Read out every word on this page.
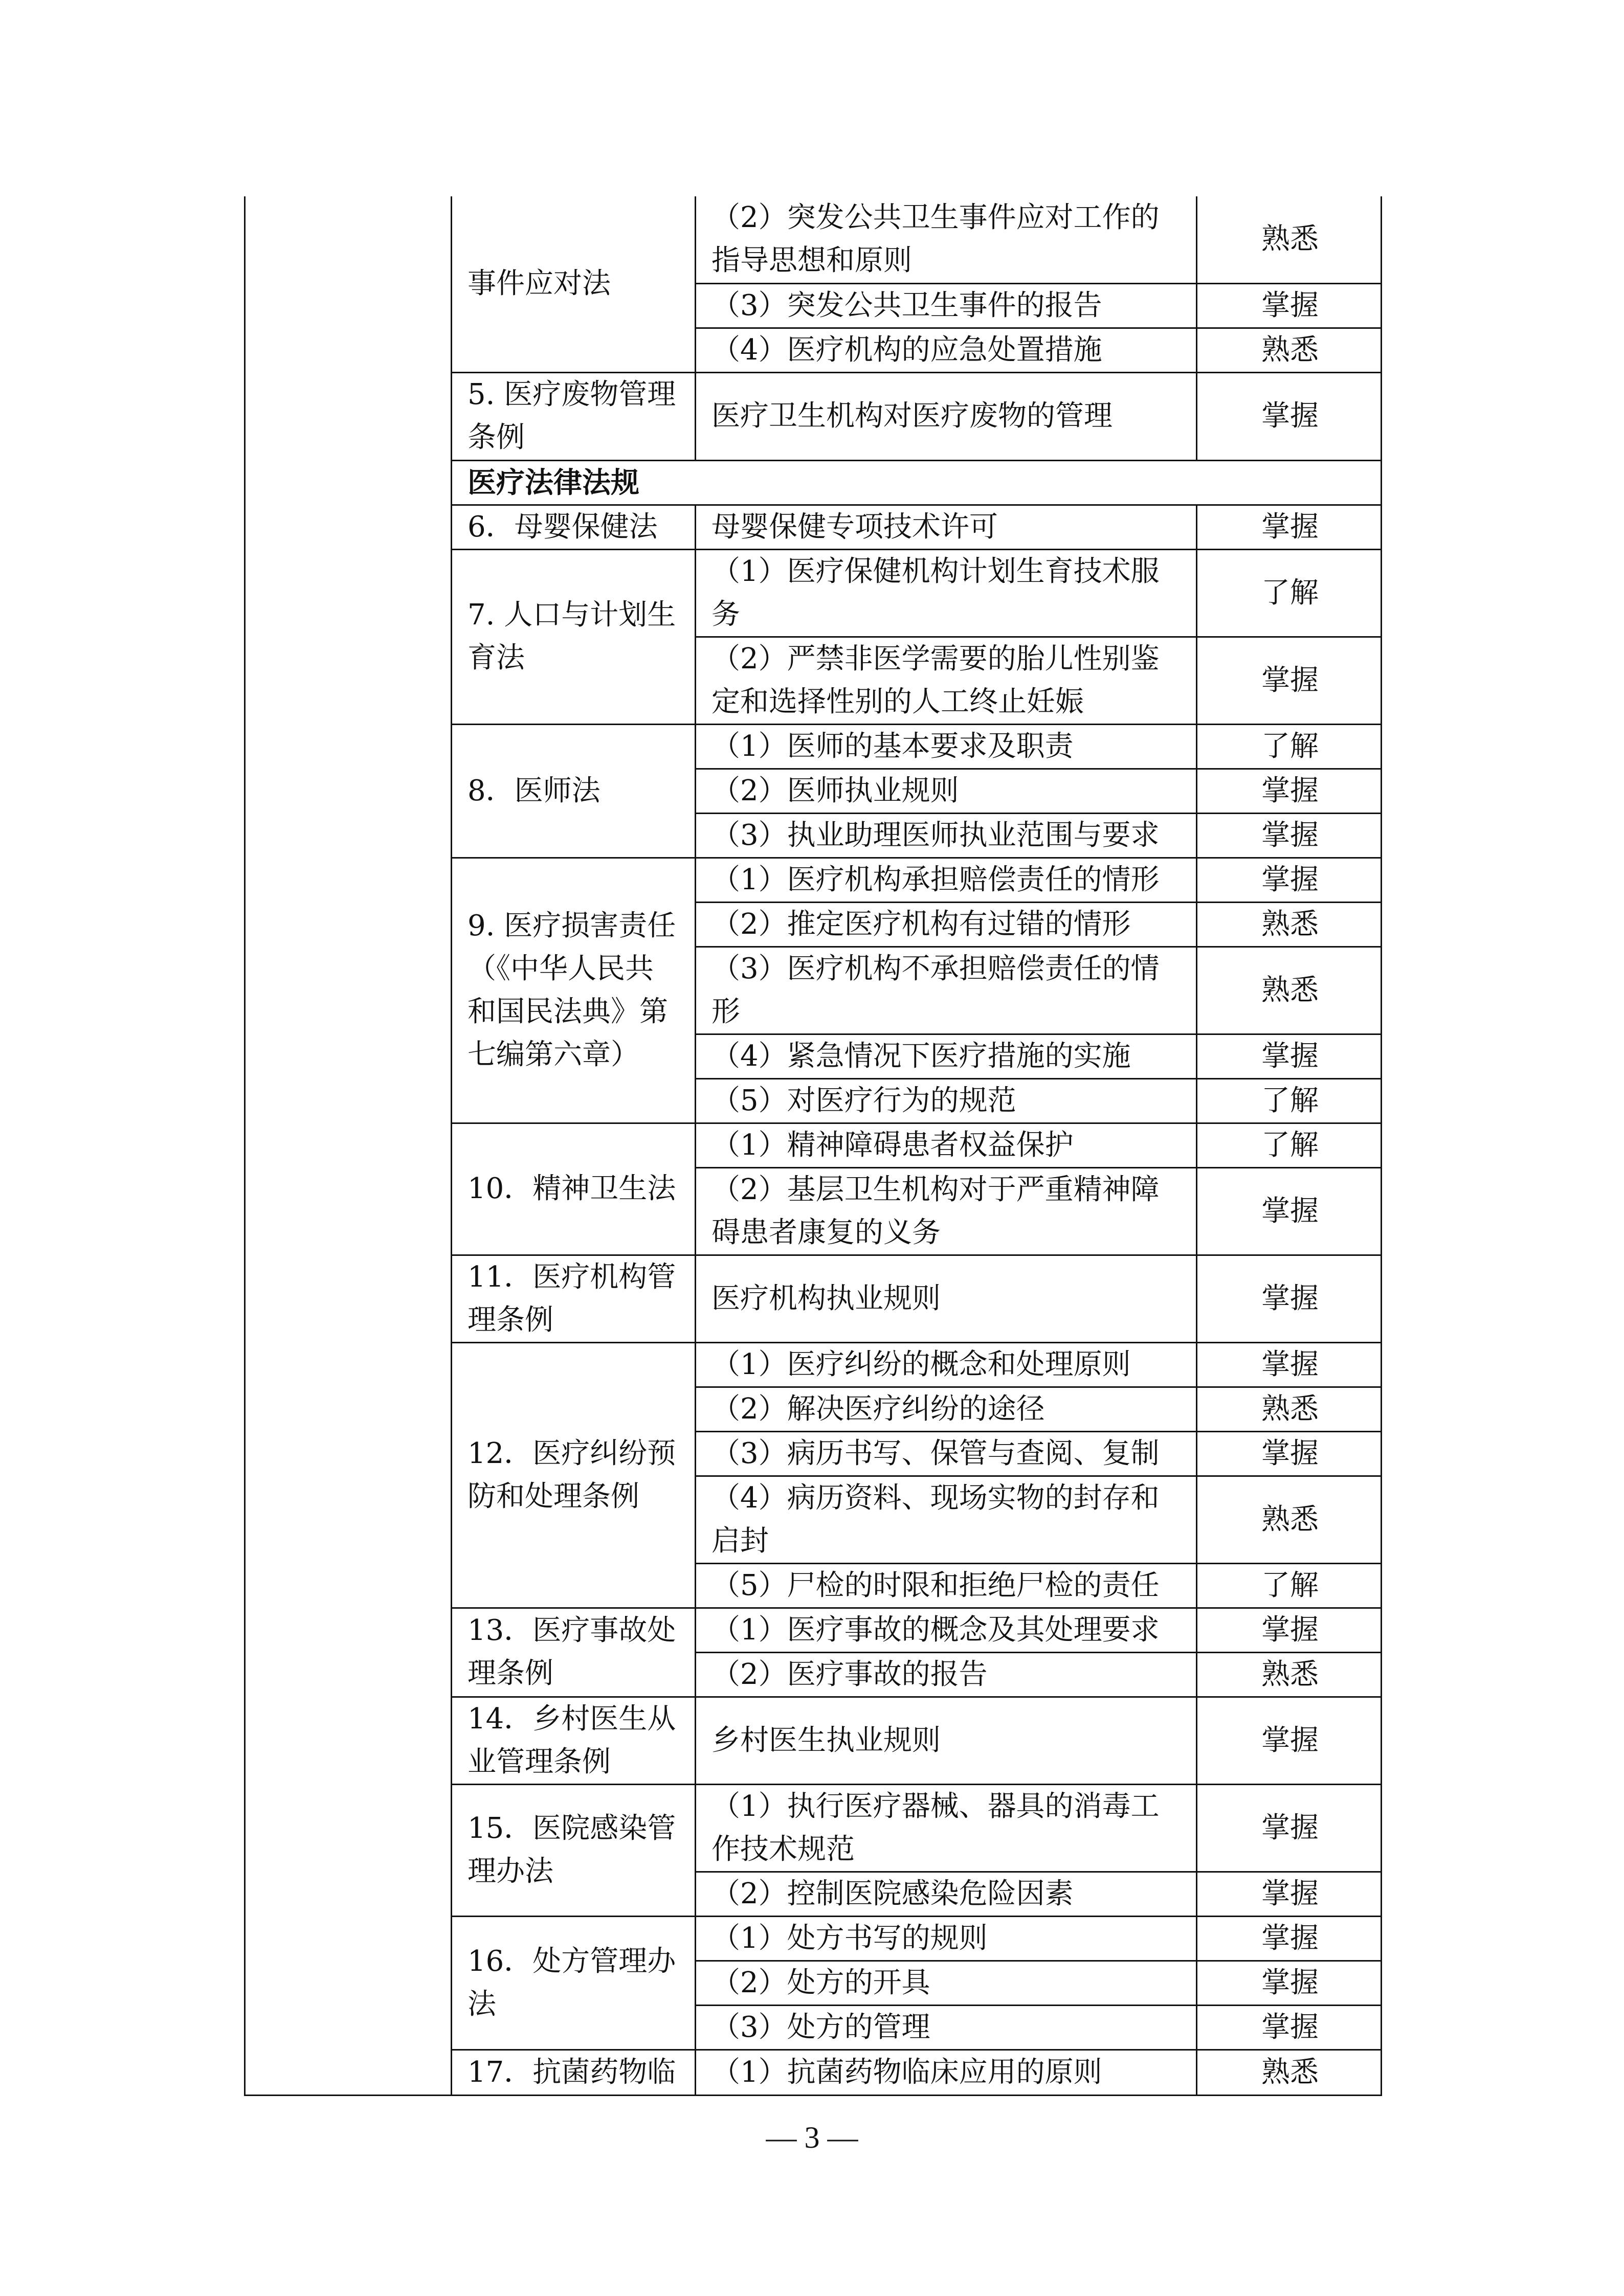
	事件应对法	（2）突发公共卫生事件应对工作的指导思想和原则	熟悉
		（3）突发公共卫生事件的报告	掌握
		（4）医疗机构的应急处置措施	熟悉
	5. 医疗废物管理条例	医疗卫生机构对医疗废物的管理	掌握
	医疗法律法规		
	6．母婴保健法	母婴保健专项技术许可	掌握
	7. 人口与计划生育法	（1）医疗保健机构计划生育技术服务	了解
		（2）严禁非医学需要的胎儿性别鉴定和选择性别的人工终止妊娠	掌握
	8．医师法	（1）医师的基本要求及职责	了解
		（2）医师执业规则	掌握
		（3）执业助理医师执业范围与要求	掌握
	9. 医疗损害责任（《中华人民共和国民法典》第七编第六章）	（1）医疗机构承担赔偿责任的情形	掌握
		（2）推定医疗机构有过错的情形	熟悉
		（3）医疗机构不承担赔偿责任的情形	熟悉
		（4）紧急情况下医疗措施的实施	掌握
		（5）对医疗行为的规范	了解
	10．精神卫生法	（1）精神障碍患者权益保护	了解
		（2）基层卫生机构对于严重精神障碍患者康复的义务	掌握
	11．医疗机构管理条例	医疗机构执业规则	掌握
	12．医疗纠纷预防和处理条例	（1）医疗纠纷的概念和处理原则	掌握
		（2）解决医疗纠纷的途径	熟悉
		（3）病历书写、保管与查阅、复制	掌握
		（4）病历资料、现场实物的封存和启封	熟悉
		（5）尸检的时限和拒绝尸检的责任	了解
	13．医疗事故处理条例	（1）医疗事故的概念及其处理要求	掌握
		（2）医疗事故的报告	熟悉
	14．乡村医生从业管理条例	乡村医生执业规则	掌握
	15．医院感染管理办法	（1）执行医疗器械、器具的消毒工作技术规范	掌握
		（2）控制医院感染危险因素	掌握
	16．处方管理办法	（1）处方书写的规则	掌握
		（2）处方的开具	掌握
		（3）处方的管理	掌握
	17．抗菌药物临	（1）抗菌药物临床应用的原则	熟悉
— 3 —
